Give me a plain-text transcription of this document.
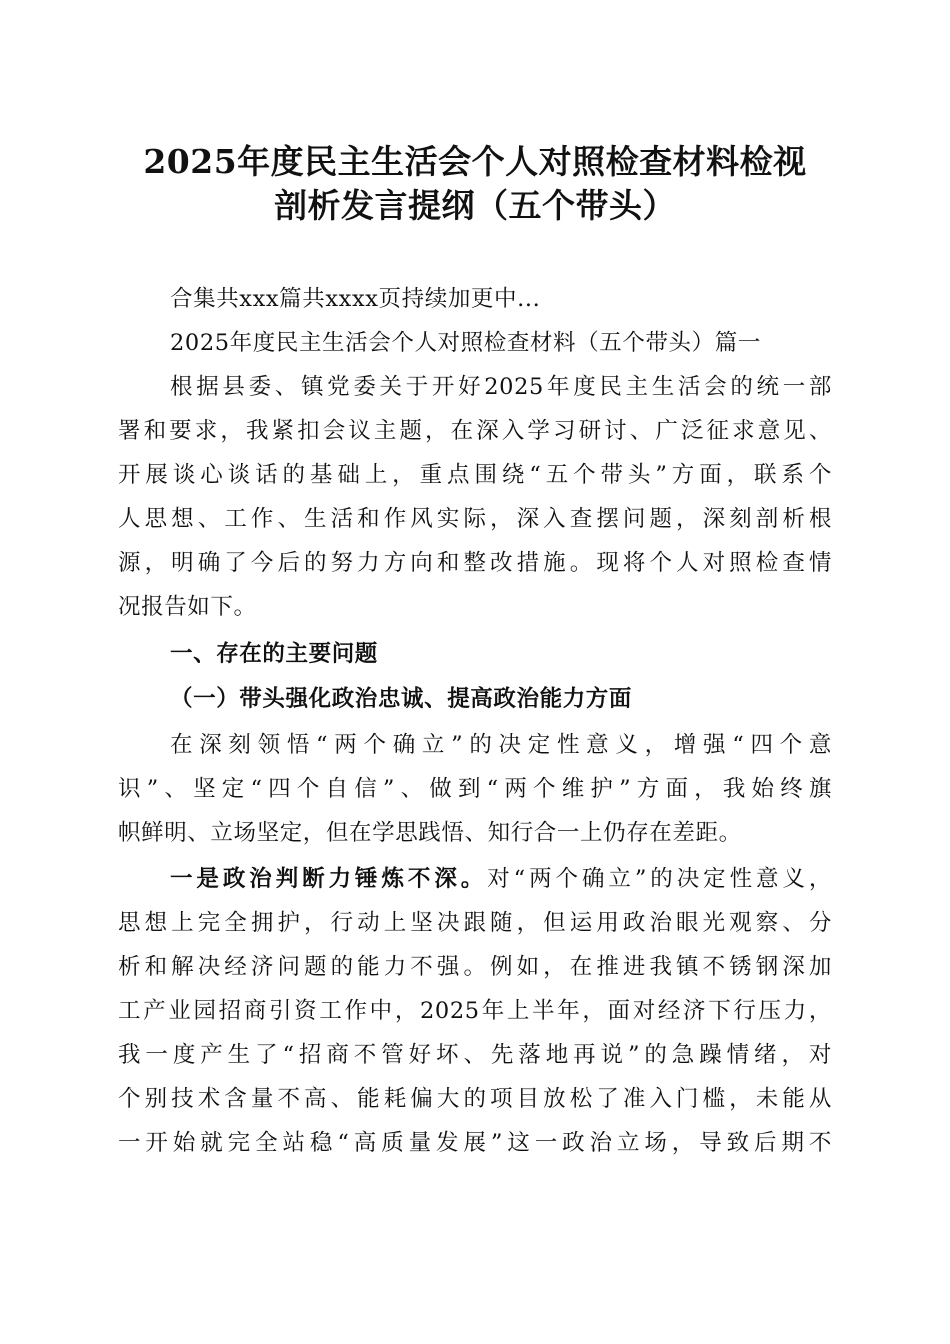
2025年度民主生活会个人对照检查材料检视
剖析发言提纲（五个带头）
合集共xxx篇共xxxx页持续加更中...
2025年度民主生活会个人对照检查材料（五个带头）篇一
根据县委、镇党委关于开好2025年度民主生活会的统一部
署和要求，我紧扣会议主题，在深入学习研讨、广泛征求意见、
开展谈心谈话的基础上，重点围绕“五个带头”方面，联系个
人思想、工作、生活和作风实际，深入查摆问题，深刻剖析根
源，明确了今后的努力方向和整改措施。现将个人对照检查情
况报告如下。
一、存在的主要问题
（一）带头强化政治忠诚、提高政治能力方面
在深刻领悟“两个确立”的决定性意义，增强“四个意
识”、坚定“四个自信”、做到“两个维护”方面，我始终旗
帜鲜明、立场坚定，但在学思践悟、知行合一上仍存在差距。
一是政治判断力锤炼不深。对“两个确立”的决定性意义，
思想上完全拥护，行动上坚决跟随，但运用政治眼光观察、分
析和解决经济问题的能力不强。例如，在推进我镇不锈钢深加
工产业园招商引资工作中，2025年上半年，面对经济下行压力，
我一度产生了“招商不管好坏、先落地再说”的急躁情绪，对
个别技术含量不高、能耗偏大的项目放松了准入门槛，未能从
一开始就完全站稳“高质量发展”这一政治立场，导致后期不
